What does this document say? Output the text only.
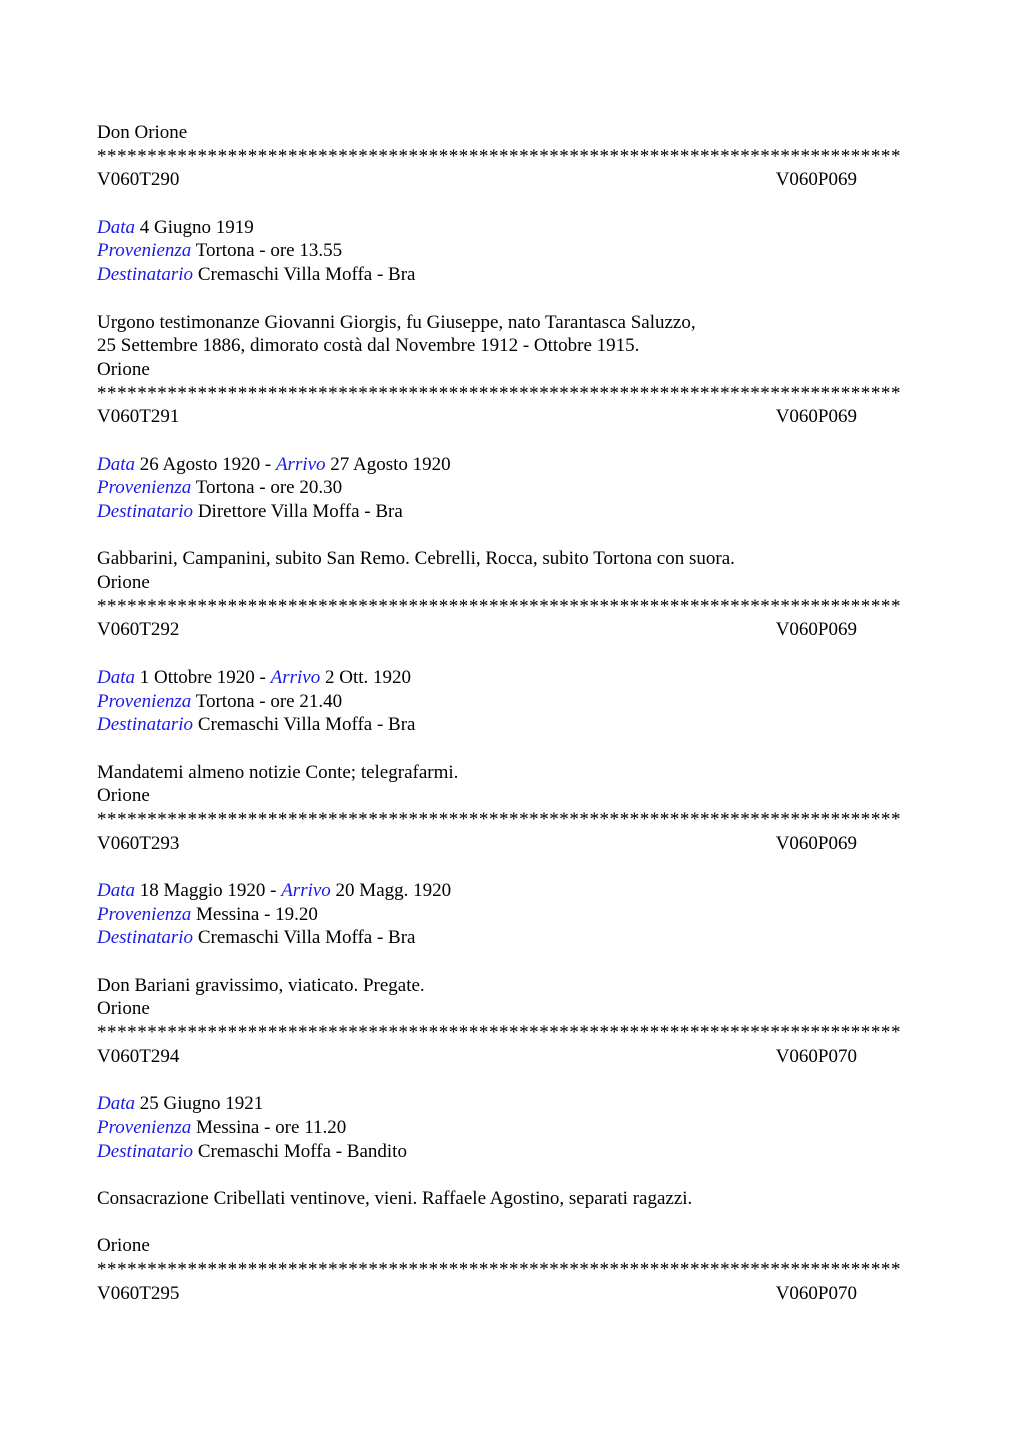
Don Orione
********************************************************************************
V060T290	V060P069
Data 4 Giugno 1919
Provenienza Tortona - ore 13.55
Destinatario Cremaschi Villa Moffa - Bra
Urgono testimonanze Giovanni Giorgis, fu Giuseppe, nato Tarantasca Saluzzo,
25 Settembre 1886, dimorato costà dal Novembre 1912 - Ottobre 1915.
Orione
********************************************************************************
V060T291	V060P069
Data 26 Agosto 1920 - Arrivo 27 Agosto 1920
Provenienza Tortona - ore 20.30
Destinatario Direttore Villa Moffa - Bra
Gabbarini, Campanini, subito San Remo. Cebrelli, Rocca, subito Tortona con suora.
Orione
********************************************************************************
V060T292	V060P069
Data 1 Ottobre 1920 - Arrivo 2 Ott. 1920
Provenienza Tortona - ore 21.40
Destinatario Cremaschi Villa Moffa - Bra
Mandatemi almeno notizie Conte; telegrafarmi.
Orione
********************************************************************************
V060T293	V060P069
Data 18 Maggio 1920 - Arrivo 20 Magg. 1920
Provenienza Messina - 19.20
Destinatario Cremaschi Villa Moffa - Bra
Don Bariani gravissimo, viaticato. Pregate.
Orione
********************************************************************************
V060T294	V060P070
Data 25 Giugno 1921
Provenienza Messina - ore 11.20
Destinatario Cremaschi Moffa - Bandito
Consacrazione Cribellati ventinove, vieni. Raffaele Agostino, separati ragazzi.
Orione
********************************************************************************
V060T295	V060P070
